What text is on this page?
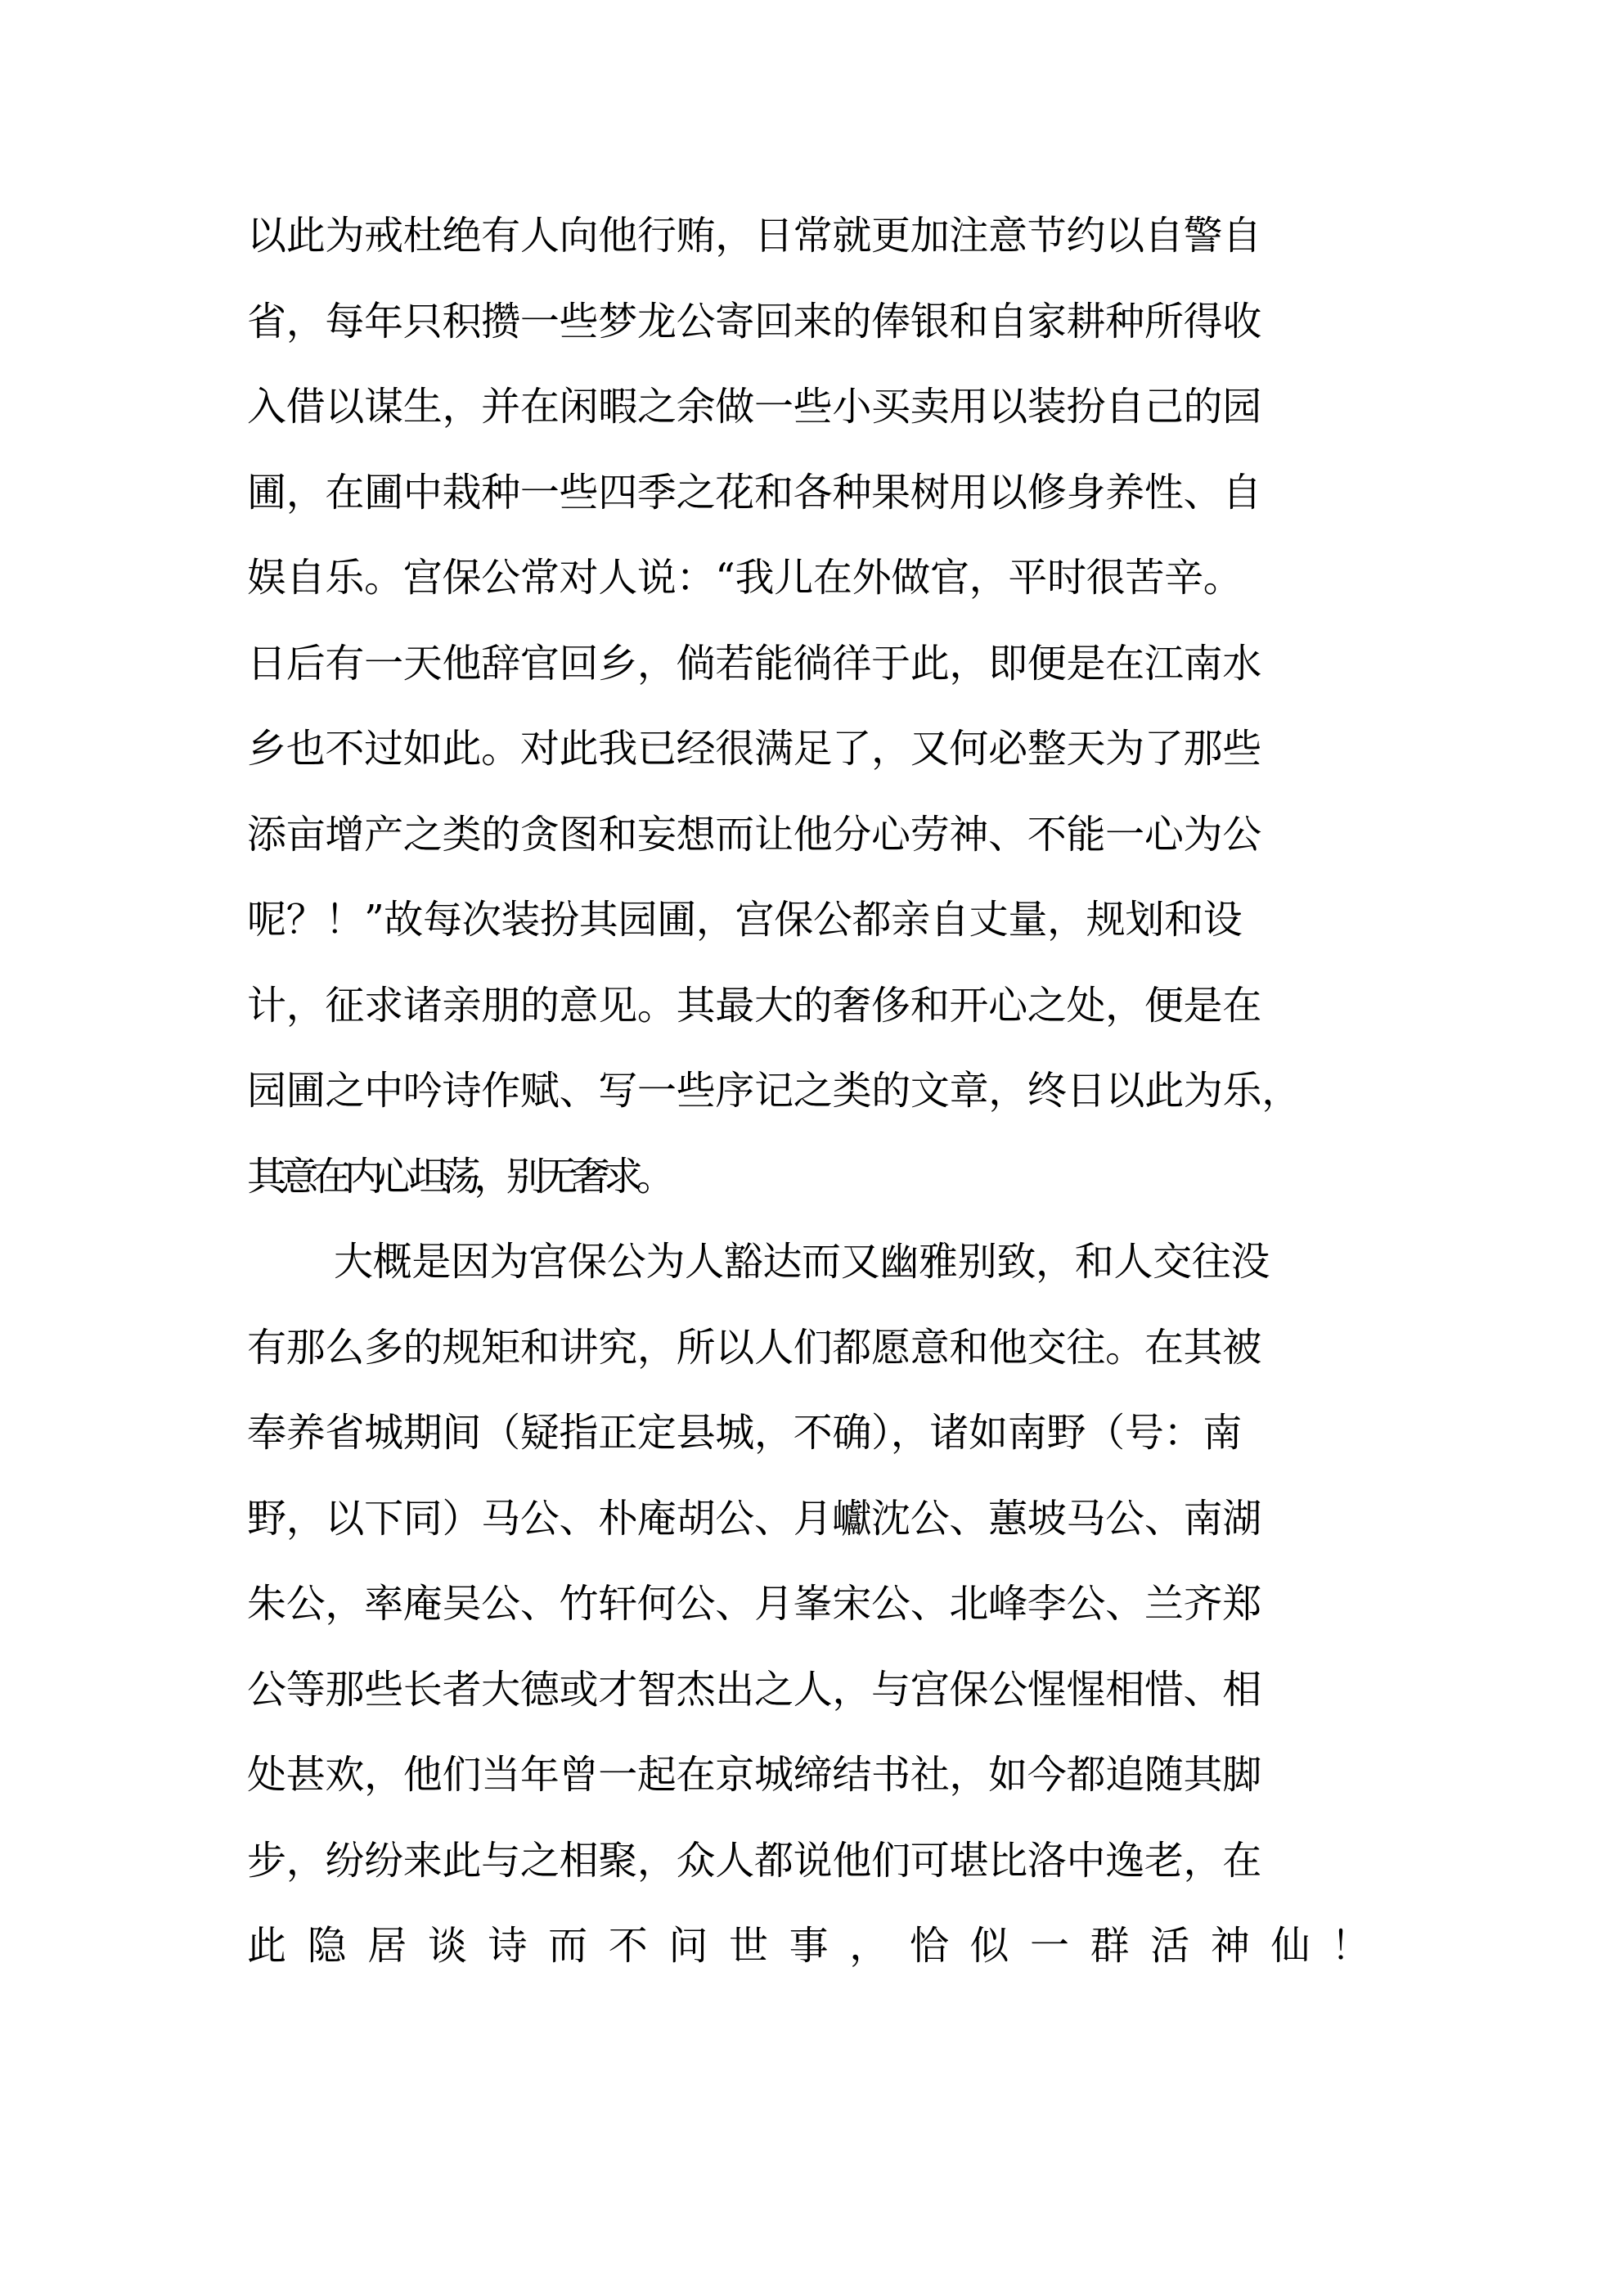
以此为戒杜绝有人向他行贿，日常就更加注意节约以自警自
省，每年只积攒一些梦龙公寄回来的俸银和自家耕种所得收
入借以谋生，并在闲暇之余做一些小买卖用以装扮自己的园
圃，在圃中栽种一些四季之花和各种果树用以修身养性、自
娱自乐。宫保公常对人说：“我儿在外做官，平时很苦辛。
日后有一天他辞官回乡，倘若能徜徉于此，即便是在江南水
乡也不过如此。对此我已经很满足了，又何必整天为了那些
添亩增产之类的贪图和妄想而让他分心劳神、不能一心为公
呢？！”故每次装扮其园圃，宫保公都亲自丈量，规划和设
计，征求诸亲朋的意见。其最大的奢侈和开心之处，便是在
园圃之中吟诗作赋、写一些序记之类的文章，终日以此为乐，
其意在内心坦荡，别无奢求。
大概是因为宫保公为人豁达而又幽雅别致，和人交往没
有那么多的规矩和讲究，所以人们都愿意和他交往。在其被
奉养省城期间（疑指正定县城，不确），诸如南野（号：南
野，以下同）马公、朴庵胡公、月巘沈公、蕙坡马公、南湖
朱公，率庵吴公、竹轩何公、月峯宋公、北峰李公、兰齐郑
公等那些长者大德或才智杰出之人，与宫保公惺惺相惜、相
处甚欢，他们当年曾一起在京城缔结书社，如今都追随其脚
步，纷纷来此与之相聚，众人都说他们可堪比洛中逸老，在
此隐居谈诗而不问世事，恰似一群活神仙！
